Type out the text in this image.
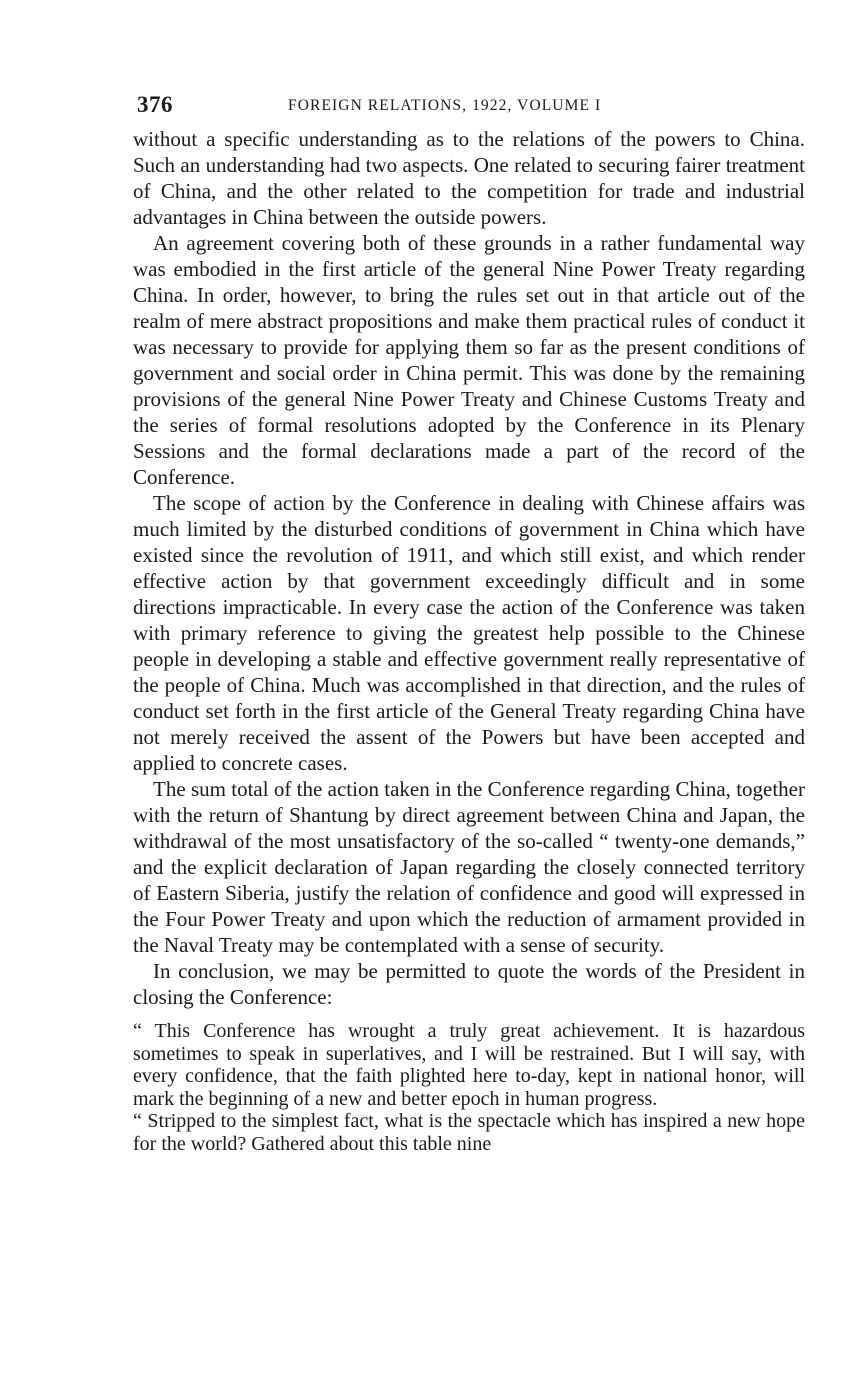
376	FOREIGN RELATIONS, 1922, VOLUME I

without a specific understanding as to the relations of the powers to China. Such an understanding had two aspects. One related to securing fairer treatment of China, and the other related to the competition for trade and industrial advantages in China between the outside powers.

An agreement covering both of these grounds in a rather fundamental way was embodied in the first article of the general Nine Power Treaty regarding China. In order, however, to bring the rules set out in that article out of the realm of mere abstract propositions and make them practical rules of conduct it was necessary to provide for applying them so far as the present conditions of government and social order in China permit. This was done by the remaining provisions of the general Nine Power Treaty and Chinese Customs Treaty and the series of formal resolutions adopted by the Conference in its Plenary Sessions and the formal declarations made a part of the record of the Conference.

The scope of action by the Conference in dealing with Chinese affairs was much limited by the disturbed conditions of government in China which have existed since the revolution of 1911, and which still exist, and which render effective action by that government exceedingly difficult and in some directions impracticable. In every case the action of the Conference was taken with primary reference to giving the greatest help possible to the Chinese people in developing a stable and effective government really representative of the people of China. Much was accomplished in that direction, and the rules of conduct set forth in the first article of the General Treaty regarding China have not merely received the assent of the Powers but have been accepted and applied to concrete cases.

The sum total of the action taken in the Conference regarding China, together with the return of Shantung by direct agreement between China and Japan, the withdrawal of the most unsatisfactory of the so-called “ twenty-one demands,” and the explicit declaration of Japan regarding the closely connected territory of Eastern Siberia, justify the relation of confidence and good will expressed in the Four Power Treaty and upon which the reduction of armament provided in the Naval Treaty may be contemplated with a sense of security.

In conclusion, we may be permitted to quote the words of the President in closing the Conference:

“ This Conference has wrought a truly great achievement. It is hazardous sometimes to speak in superlatives, and I will be restrained. But I will say, with every confidence, that the faith plighted here to-day, kept in national honor, will mark the beginning of a new and better epoch in human progress.

“ Stripped to the simplest fact, what is the spectacle which has inspired a new hope for the world? Gathered about this table nine
